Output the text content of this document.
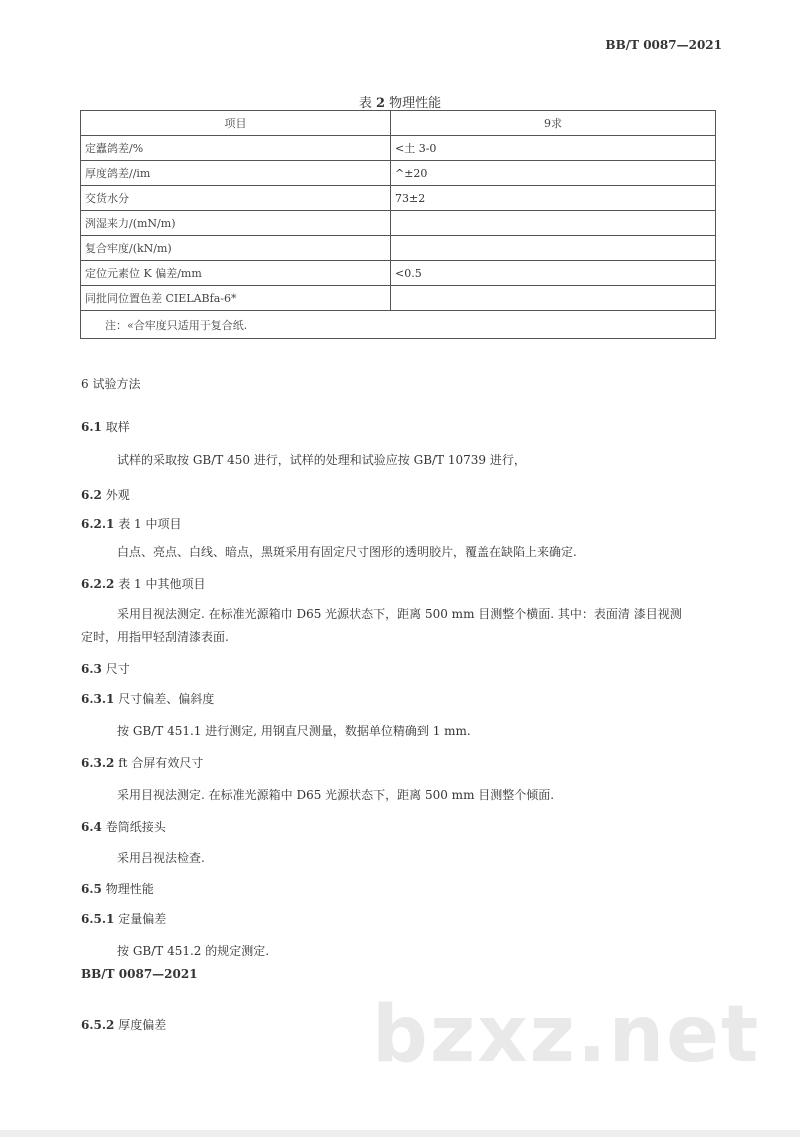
BB/T 0087—2021
表 2 物理性能
项目	9求
定蠹鸽差/%	<土 3-0
厚度鸽差//im	^±20
交货水分	73±2
洌湿来力/(mN/m)	
复合牢度/(kN/m)	
定位元素位 K 偏差/mm	<0.5
同批同位置色差 CIELABfa-6*	
注：«合牢度只适用于复合纸.	
6 试验方法
6.1 取样
试样的采取按 GB/T 450 进行，试样的处理和试验应按 GB/T 10739 进行，
6.2 外观
6.2.1 表 1 中项目
白点、亮点、白线、暗点，黑斑采用有固定尺寸图形的透明胶片，覆盖在缺陷上来确定.
6.2.2 表 1 中其他项目
采用目视法测定. 在标准光源箱巾 D65 光源状态下，距离 500 mm 目测整个横面. 其中：表面清 漆目视测
定时，用指甲轻刮清漆表面.
6.3 尺寸
6.3.1 尺寸偏差、偏斜度
按 GB/T 451.1 进行测定, 用钢直尺测量，数据单位精确到 1 mm.
6.3.2 ft 合屏有效尺寸
采用目视法测定. 在标准光源箱中 D65 光源状态下，距离 500 mm 目测整个倾面.
6.4 卷筒纸接头
采用吕视法检查.
6.5 物理性能
6.5.1 定量偏差
按 GB/T 451.2 的规定测定.
BB/T 0087—2021
6.5.2 厚度偏差	bzxz.net
